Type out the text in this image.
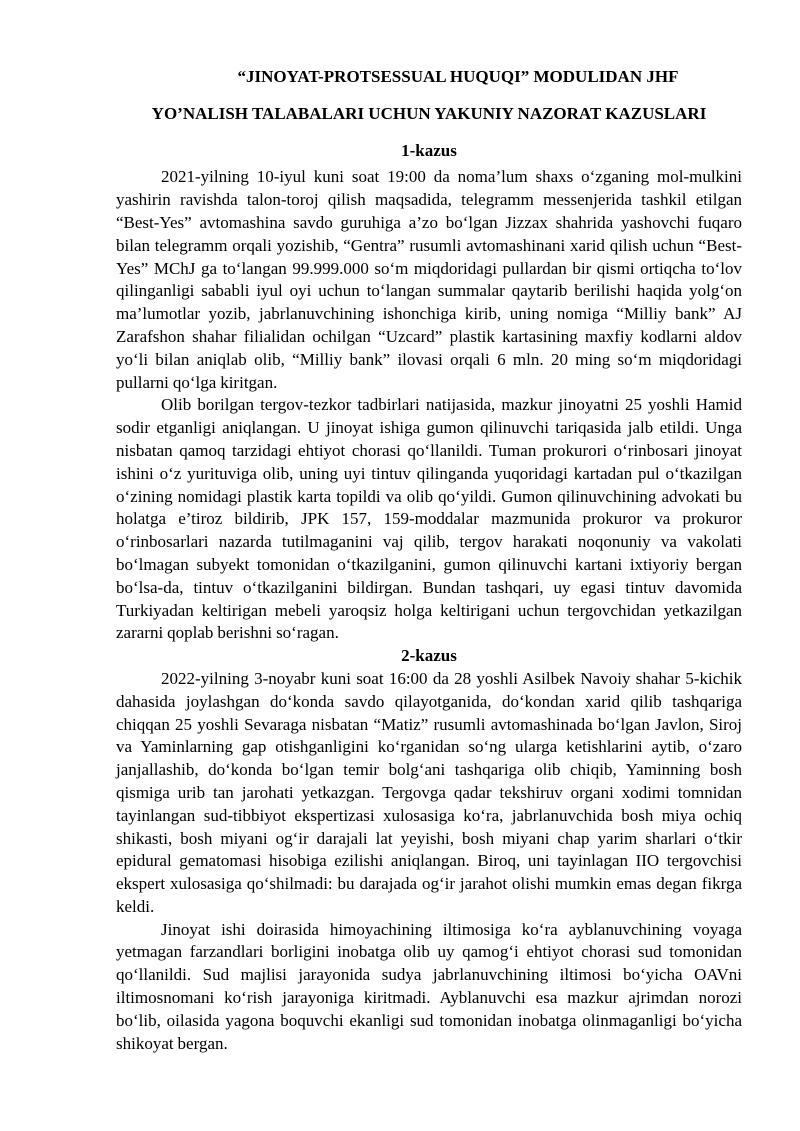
“JINOYAT-PROTSESSUAL HUQUQI” MODULIDAN JHF

YO’NALISH TALABALARI UCHUN YAKUNIY NAZORAT KAZUSLARI

1-kazus

2021-yilning 10-iyul kuni soat 19:00 da noma’lum shaxs o‘zganing mol-mulkini yashirin ravishda talon-toroj qilish maqsadida, telegramm messenjerida tashkil etilgan “Best-Yes” avtomashina savdo guruhiga a’zo bo‘lgan Jizzax shahrida yashovchi fuqaro bilan telegramm orqali yozishib, “Gentra” rusumli avtomashinani xarid qilish uchun “Best-Yes” MChJ ga to‘langan 99.999.000 so‘m miqdoridagi pullardan bir qismi ortiqcha to‘lov qilinganligi sababli iyul oyi uchun to‘langan summalar qaytarib berilishi haqida yolg‘on ma’lumotlar yozib, jabrlanuvchining ishonchiga kirib, uning nomiga “Milliy bank” AJ Zarafshon shahar filialidan ochilgan “Uzcard” plastik kartasining maxfiy kodlarni aldov yo‘li bilan aniqlab olib, “Milliy bank” ilovasi orqali 6 mln. 20 ming so‘m miqdoridagi pullarni qo‘lga kiritgan.

Olib borilgan tergov-tezkor tadbirlari natijasida, mazkur jinoyatni 25 yoshli Hamid sodir etganligi aniqlangan. U jinoyat ishiga gumon qilinuvchi tariqasida jalb etildi. Unga nisbatan qamoq tarzidagi ehtiyot chorasi qo‘llanildi. Tuman prokurori o‘rinbosari jinoyat ishini o‘z yurituviga olib, uning uyi tintuv qilinganda yuqoridagi kartadan pul o‘tkazilgan o‘zining nomidagi plastik karta topildi va olib qo‘yildi. Gumon qilinuvchining advokati bu holatga e’tiroz bildirib, JPK 157, 159-moddalar mazmunida prokuror va prokuror o‘rinbosarlari nazarda tutilmaganini vaj qilib, tergov harakati noqonuniy va vakolati bo‘lmagan subyekt tomonidan o‘tkazilganini, gumon qilinuvchi kartani ixtiyoriy bergan bo‘lsa-da, tintuv o‘tkazilganini bildirgan. Bundan tashqari, uy egasi tintuv davomida Turkiyadan keltirigan mebeli yaroqsiz holga keltirigani uchun tergovchidan yetkazilgan zararni qoplab berishni so‘ragan.

2-kazus

2022-yilning 3-noyabr kuni soat 16:00 da 28 yoshli Asilbek Navoiy shahar 5-kichik dahasida joylashgan do‘konda savdo qilayotganida, do‘kondan xarid qilib tashqariga chiqqan 25 yoshli Sevaraga nisbatan “Matiz” rusumli avtomashinada bo‘lgan Javlon, Siroj va Yaminlarning gap otishganligini ko‘rganidan so‘ng ularga ketishlarini aytib, o‘zaro janjallashib, do‘konda bo‘lgan temir bolg‘ani tashqariga olib chiqib, Yaminning bosh qismiga urib tan jarohati yetkazgan. Tergovga qadar tekshiruv organi xodimi tomnidan tayinlangan sud-tibbiyot ekspertizasi xulosasiga ko‘ra, jabrlanuvchida bosh miya ochiq shikasti, bosh miyani og‘ir darajali lat yeyishi, bosh miyani chap yarim sharlari o‘tkir epidural gematomasi hisobiga ezilishi aniqlangan. Biroq, uni tayinlagan IIO tergovchisi ekspert xulosasiga qo‘shilmadi: bu darajada og‘ir jarahot olishi mumkin emas degan fikrga keldi.

Jinoyat ishi doirasida himoyachining iltimosiga ko‘ra ayblanuvchining voyaga yetmagan farzandlari borligini inobatga olib uy qamog‘i ehtiyot chorasi sud tomonidan qo‘llanildi. Sud majlisi jarayonida sudya jabrlanuvchining iltimosi bo‘yicha OAVni iltimosnomani ko‘rish jarayoniga kiritmadi. Ayblanuvchi esa mazkur ajrimdan norozi bo‘lib, oilasida yagona boquvchi ekanligi sud tomonidan inobatga olinmaganligi bo‘yicha shikoyat bergan.
